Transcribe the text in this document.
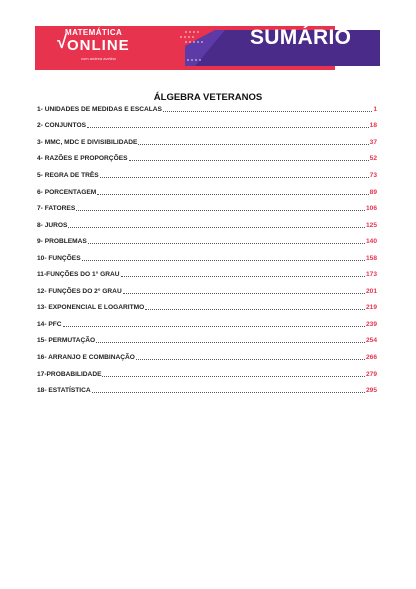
MATEMÁTICA
√ ONLINE
com andrea avelino
SUMÁRIO
ÁLGEBRA VETERANOS
1- UNIDADES DE MEDIDAS E ESCALAS	1
2- CONJUNTOS	18
3- MMC, MDC E DIVISIBILIDADE	37
4- RAZÕES E PROPORÇÕES	52
5- REGRA DE TRÊS	73
6- PORCENTAGEM	89
7- FATORES	106
8- JUROS	125
9- PROBLEMAS	140
10- FUNÇÕES	158
11-FUNÇÕES DO 1° GRAU	173
12- FUNÇÕES DO 2° GRAU	201
13- EXPONENCIAL E LOGARITMO	219
14- PFC	239
15- PERMUTAÇÃO	254
16- ARRANJO E COMBINAÇÃO	266
17-PROBABILIDADE	279
18- ESTATÍSTICA	295
